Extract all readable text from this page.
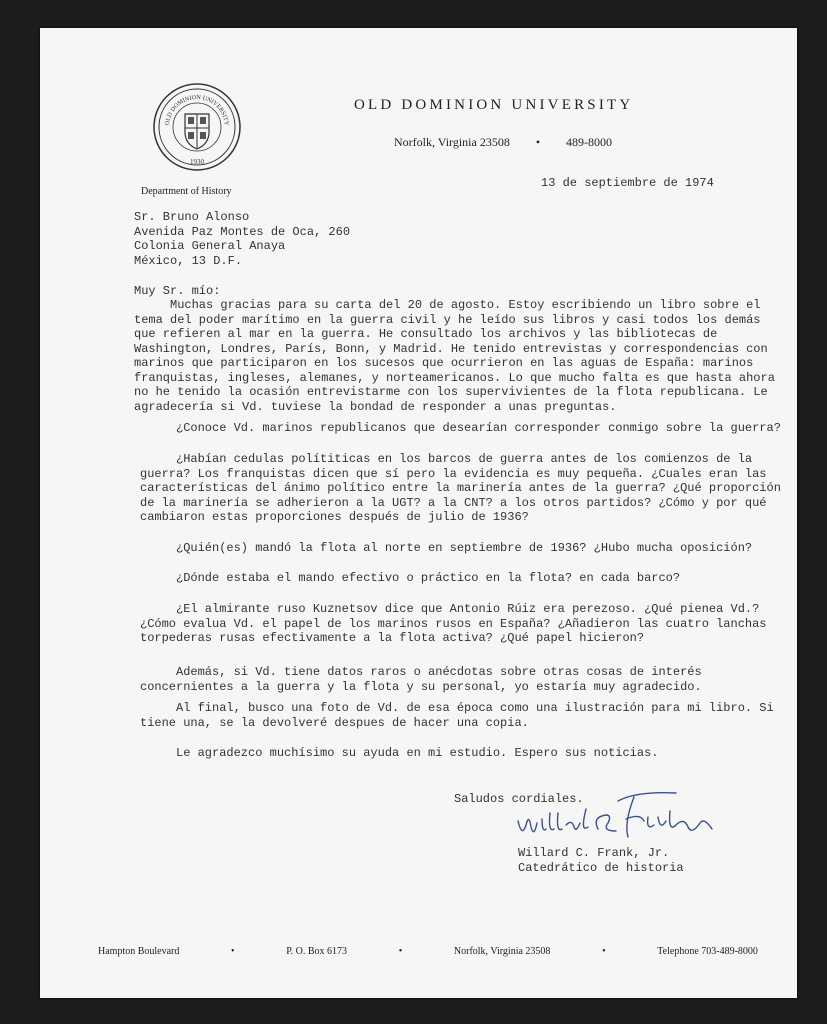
OLD DOMINION UNIVERSITY
1930
OLD DOMINION UNIVERSITY
Norfolk, Virginia 23508 • 489-8000
Department of History
13 de septiembre de 1974
Sr. Bruno Alonso
Avenida Paz Montes de Oca, 260
Colonia General Anaya
México, 13 D.F.
Muy Sr. mío:
Muchas gracias para su carta del 20 de agosto. Estoy escribiendo un libro sobre el tema del poder marítimo en la guerra civil y he leído sus libros y casi todos los demás que refieren al mar en la guerra. He consultado los archivos y las bibliotecas de Washington, Londres, París, Bonn, y Madrid. He tenido entrevistas y correspondencias con marinos que participaron en los sucesos que ocurrieron en las aguas de España: marinos franquistas, ingleses, alemanes, y norteamericanos. Lo que mucho falta es que hasta ahora no he tenido la ocasión entrevistarme con los supervivientes de la flota republicana. Le agradecería si Vd. tuviese la bondad de responder a unas preguntas.
¿Conoce Vd. marinos republicanos que desearían corresponder conmigo sobre la guerra?
¿Habían cedulas polítiticas en los barcos de guerra antes de los comienzos de la guerra? Los franquistas dicen que sí pero la evidencia es muy pequeña. ¿Cuales eran las características del ánimo político entre la marinería antes de la guerra? ¿Qué proporción de la marinería se adherieron a la UGT? a la CNT? a los otros partidos? ¿Cómo y por qué cambiaron estas proporciones después de julio de 1936?
¿Quién(es) mandó la flota al norte en septiembre de 1936? ¿Hubo mucha oposición?
¿Dónde estaba el mando efectivo o práctico en la flota? en cada barco?
¿El almirante ruso Kuznetsov dice que Antonio Rúiz era perezoso. ¿Qué pienea Vd.? ¿Cómo evalua Vd. el papel de los marinos rusos en España? ¿Añadieron las cuatro lanchas torpederas rusas efectivamente a la flota activa? ¿Qué papel hicieron?
Además, si Vd. tiene datos raros o anécdotas sobre otras cosas de interés concernientes a la guerra y la flota y su personal, yo estaría muy agradecido.
Al final, busco una foto de Vd. de esa época como una ilustración para mi libro. Si tiene una, se la devolveré despues de hacer una copia.
Le agradezco muchísimo su ayuda en mi estudio. Espero sus noticias.
Saludos cordiales.
Willard C. Frank, Jr.
Catedrático de historia
Hampton Boulevard	•	P. O. Box 6173	•	Norfolk, Virginia 23508	•	Telephone 703-489-8000
